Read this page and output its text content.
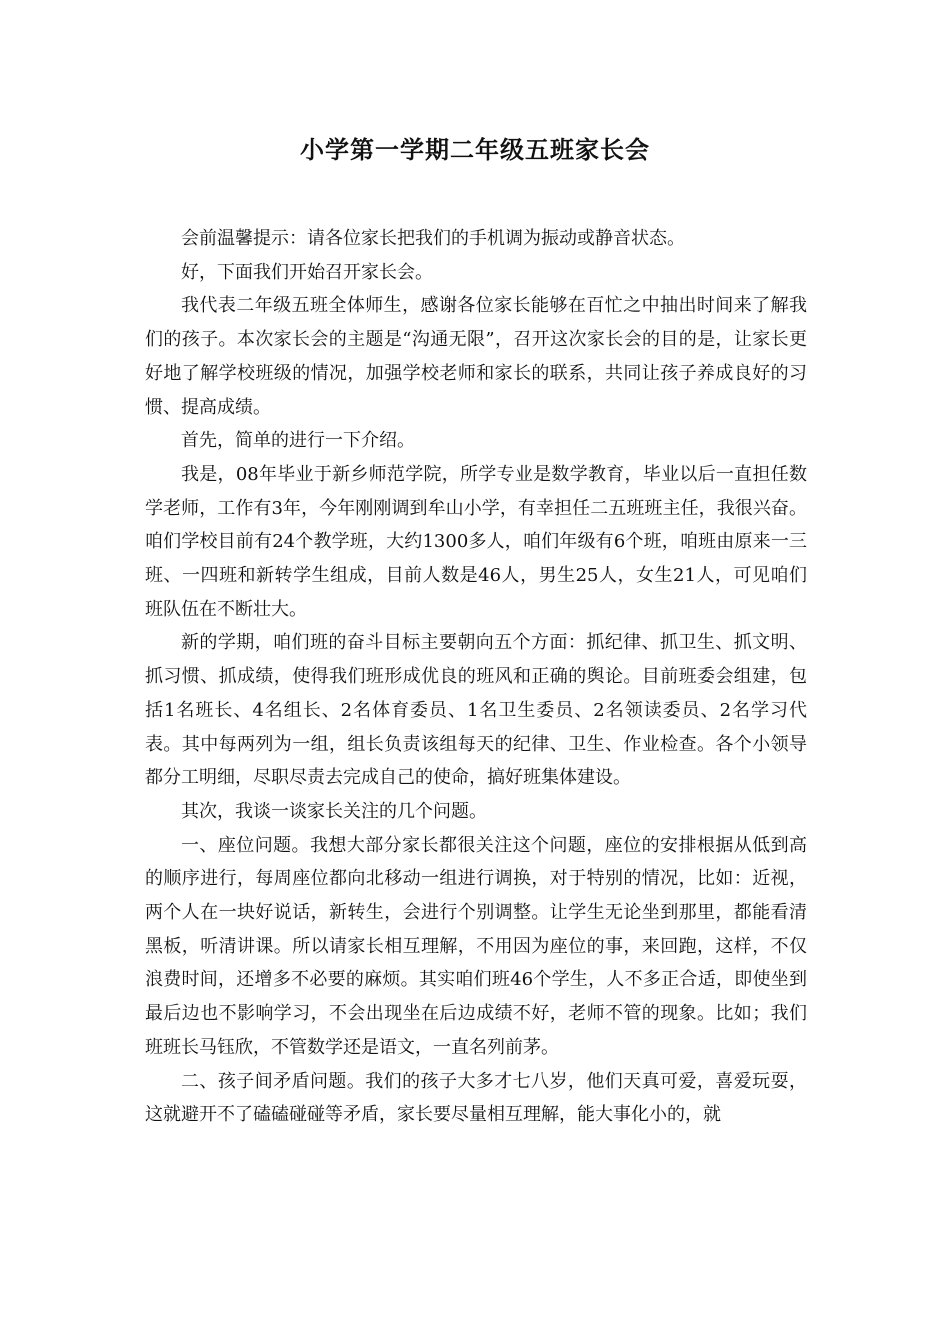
小学第一学期二年级五班家长会

会前温馨提示：请各位家长把我们的手机调为振动或静音状态。

好，下面我们开始召开家长会。

我代表二年级五班全体师生，感谢各位家长能够在百忙之中抽出时间来了解我们的孩子。本次家长会的主题是“沟通无限”，召开这次家长会的目的是，让家长更好地了解学校班级的情况，加强学校老师和家长的联系，共同让孩子养成良好的习惯、提高成绩。

首先，简单的进行一下介绍。

我是，08年毕业于新乡师范学院，所学专业是数学教育，毕业以后一直担任数学老师，工作有3年，今年刚刚调到牟山小学，有幸担任二五班班主任，我很兴奋。咱们学校目前有24个教学班，大约1300多人，咱们年级有6个班，咱班由原来一三班、一四班和新转学生组成，目前人数是46人，男生25人，女生21人，可见咱们班队伍在不断壮大。

新的学期，咱们班的奋斗目标主要朝向五个方面：抓纪律、抓卫生、抓文明、抓习惯、抓成绩，使得我们班形成优良的班风和正确的舆论。目前班委会组建，包括1名班长、4名组长、2名体育委员、1名卫生委员、2名领读委员、2名学习代表。其中每两列为一组，组长负责该组每天的纪律、卫生、作业检查。各个小领导都分工明细，尽职尽责去完成自己的使命，搞好班集体建设。

其次，我谈一谈家长关注的几个问题。

一、座位问题。我想大部分家长都很关注这个问题，座位的安排根据从低到高的顺序进行，每周座位都向北移动一组进行调换，对于特别的情况，比如：近视，两个人在一块好说话，新转生，会进行个别调整。让学生无论坐到那里，都能看清黑板，听清讲课。所以请家长相互理解，不用因为座位的事，来回跑，这样，不仅浪费时间，还增多不必要的麻烦。其实咱们班46个学生，人不多正合适，即使坐到最后边也不影响学习，不会出现坐在后边成绩不好，老师不管的现象。比如；我们班班长马钰欣，不管数学还是语文，一直名列前茅。

二、孩子间矛盾问题。我们的孩子大多才七八岁，他们天真可爱，喜爱玩耍，这就避开不了磕磕碰碰等矛盾，家长要尽量相互理解，能大事化小的，就
